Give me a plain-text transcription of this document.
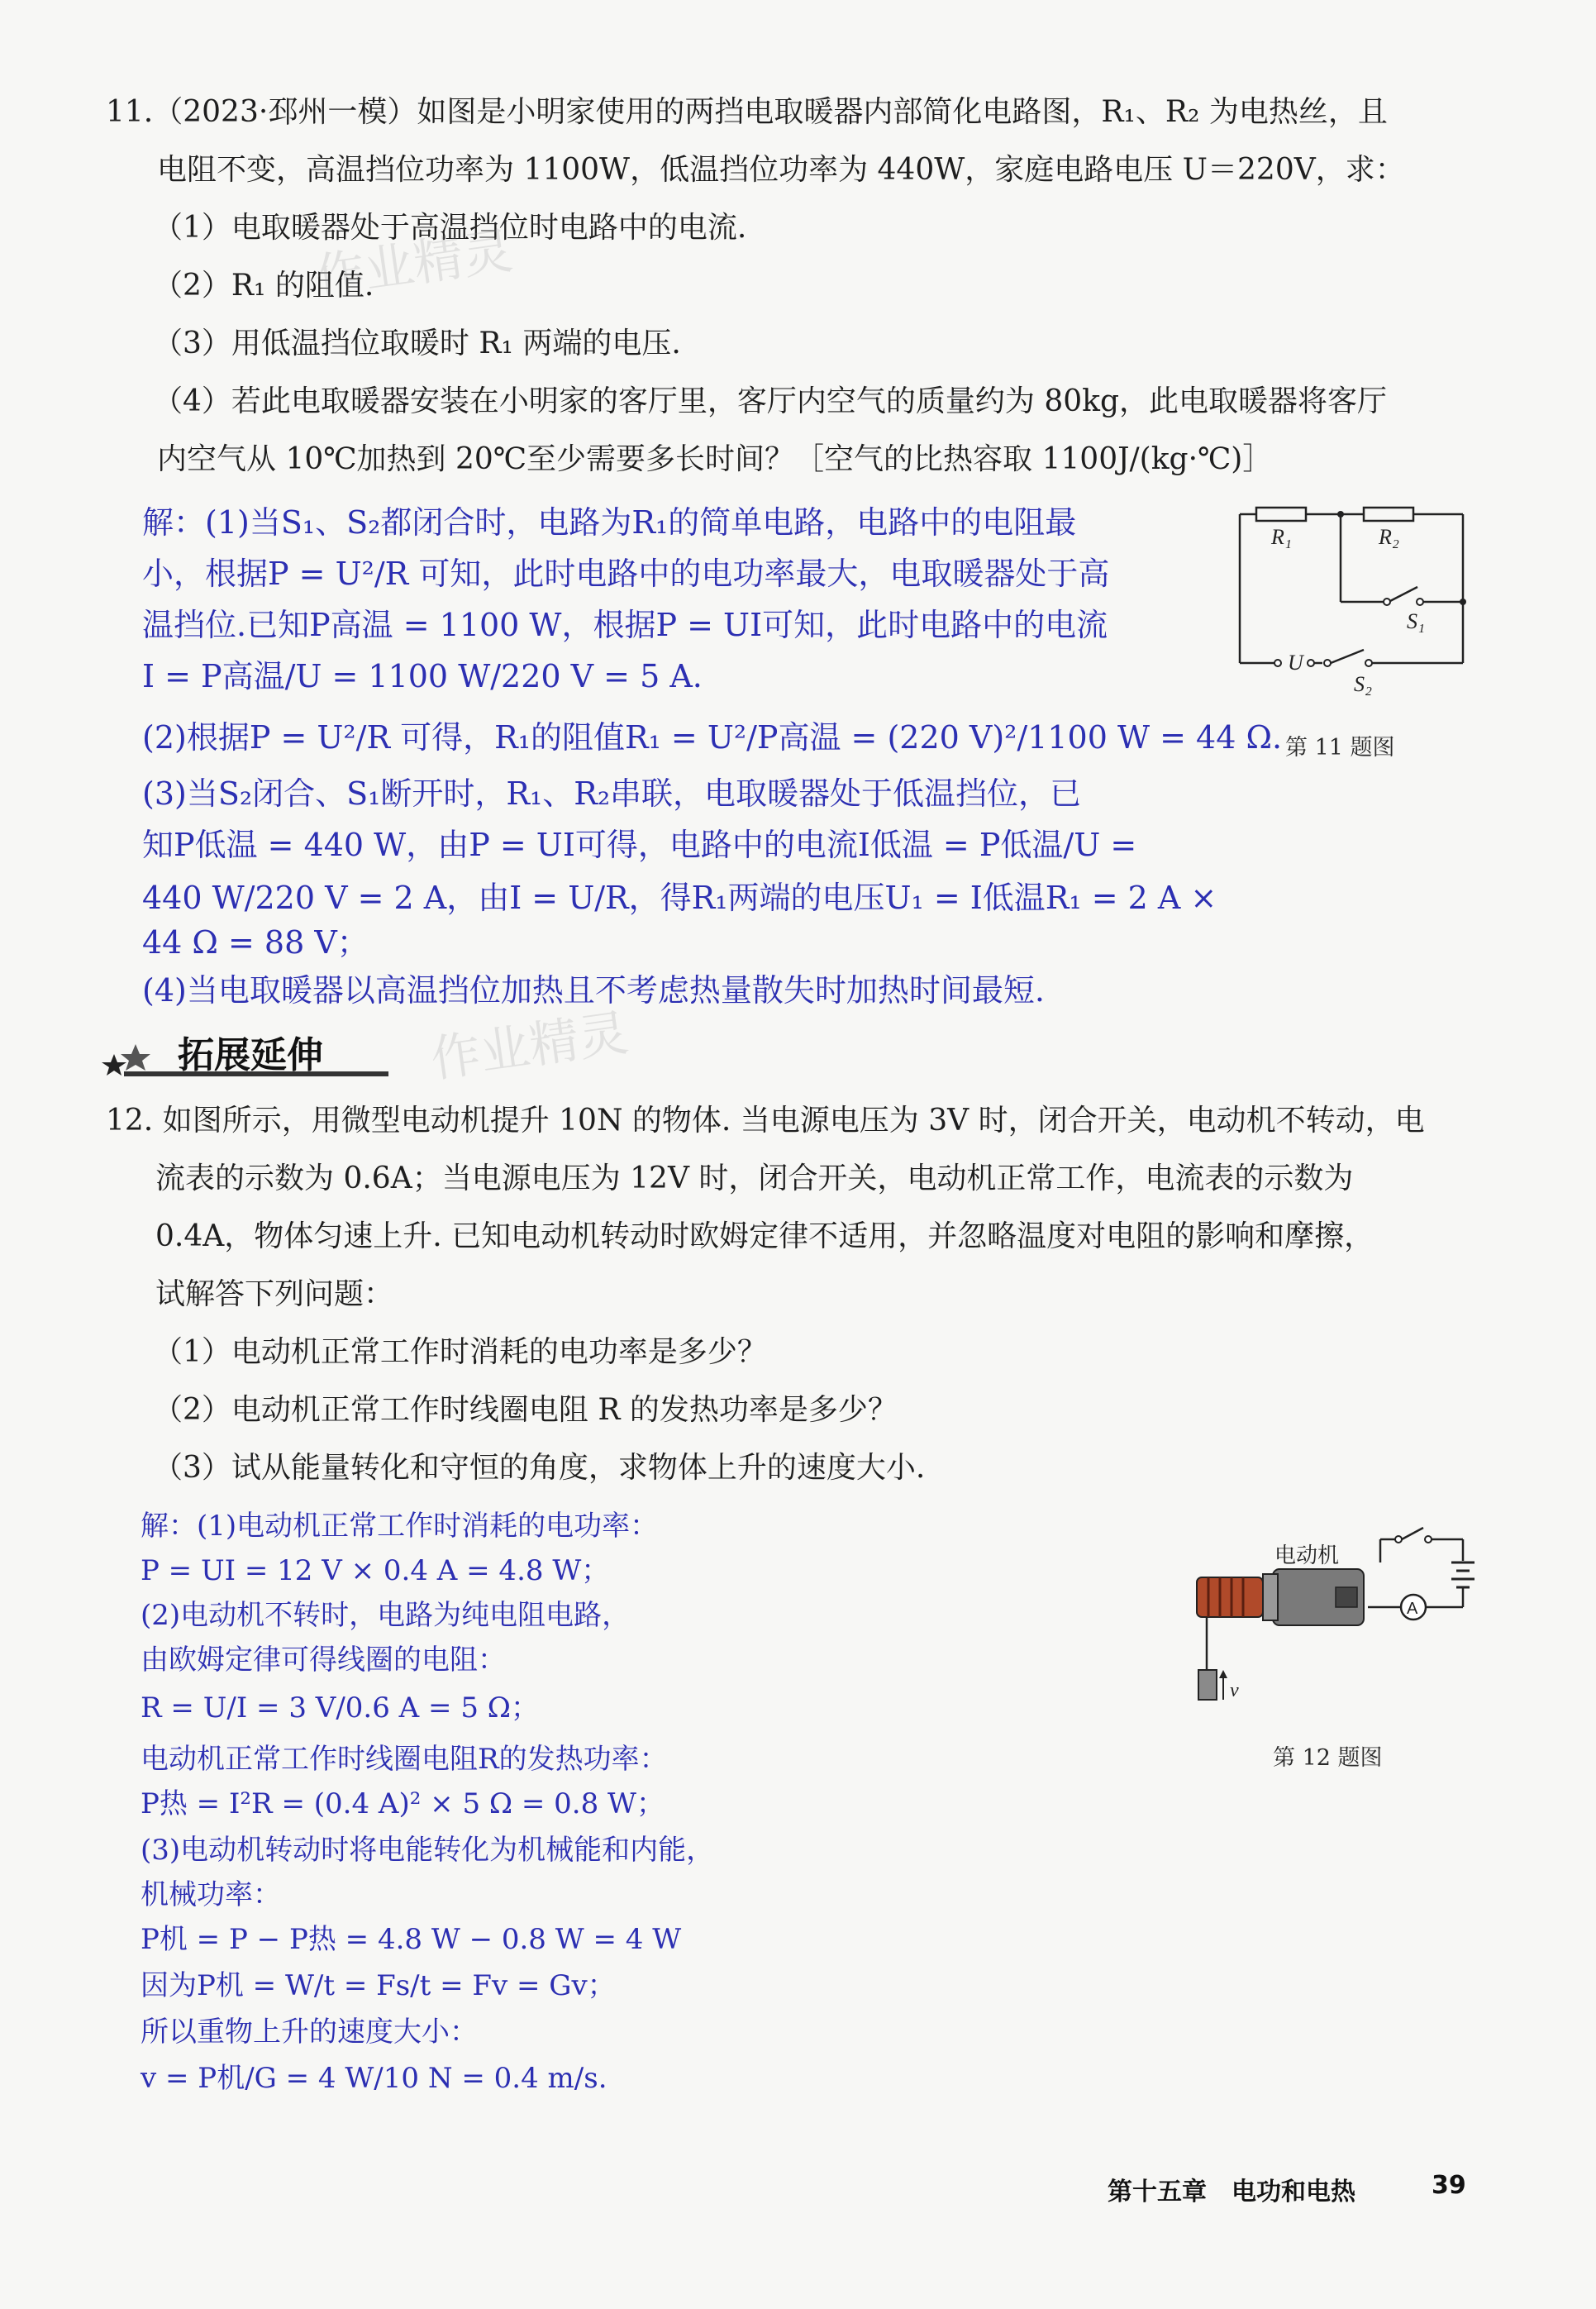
11.（2023·邳州一模）如图是小明家使用的两挡电取暖器内部简化电路图，R₁、R₂ 为电热丝，且
电阻不变，高温挡位功率为 1100W，低温挡位功率为 440W，家庭电路电压 U＝220V，求：
（1）电取暖器处于高温挡位时电路中的电流.
（2）R₁ 的阻值.
（3）用低温挡位取暖时 R₁ 两端的电压.
（4）若此电取暖器安装在小明家的客厅里，客厅内空气的质量约为 80kg，此电取暖器将客厅
内空气从 10℃加热到 20℃至少需要多长时间？［空气的比热容取 1100J/(kg·℃)］
作业精灵
解：(1)当S₁、S₂都闭合时，电路为R₁的简单电路，电路中的电阻最
小，根据P = U²/R 可知，此时电路中的电功率最大，电取暖器处于高
温挡位.已知P高温 = 1100 W，根据P = UI可知，此时电路中的电流
I = P高温/U = 1100 W/220 V = 5 A.
(2)根据P = U²/R 可得，R₁的阻值R₁ = U²/P高温 = (220 V)²/1100 W = 44 Ω.
(3)当S₂闭合、S₁断开时，R₁、R₂串联，电取暖器处于低温挡位，已
知P低温 = 440 W，由P = UI可得，电路中的电流I低温 = P低温/U =
440 W/220 V = 2 A，由I = U/R，得R₁两端的电压U₁ = I低温R₁ = 2 A ×
44 Ω = 88 V；
(4)当电取暖器以高温挡位加热且不考虑热量散失时加热时间最短.
R₁	R₂
S₁
U
S₂
第 11 题图
拓展延伸 作业精灵
12. 如图所示，用微型电动机提升 10N 的物体. 当电源电压为 3V 时，闭合开关，电动机不转动，电
流表的示数为 0.6A；当电源电压为 12V 时，闭合开关，电动机正常工作，电流表的示数为
0.4A，物体匀速上升. 已知电动机转动时欧姆定律不适用，并忽略温度对电阻的影响和摩擦，
试解答下列问题：
（1）电动机正常工作时消耗的电功率是多少？
（2）电动机正常工作时线圈电阻 R 的发热功率是多少？
（3）试从能量转化和守恒的角度，求物体上升的速度大小.
解：(1)电动机正常工作时消耗的电功率：
P = UI = 12 V × 0.4 A = 4.8 W；
(2)电动机不转时，电路为纯电阻电路，
由欧姆定律可得线圈的电阻：
R = U/I = 3 V/0.6 A = 5 Ω；
电动机正常工作时线圈电阻R的发热功率：
P热 = I²R = (0.4 A)² × 5 Ω = 0.8 W；
(3)电动机转动时将电能转化为机械能和内能，
机械功率：
P机 = P − P热 = 4.8 W − 0.8 W = 4 W
因为P机 = W/t = Fs/t = Fv = Gv；
所以重物上升的速度大小：
v = P机/G = 4 W/10 N = 0.4 m/s.
A
v
电动机
第 12 题图
第十五章　电功和电热	39
